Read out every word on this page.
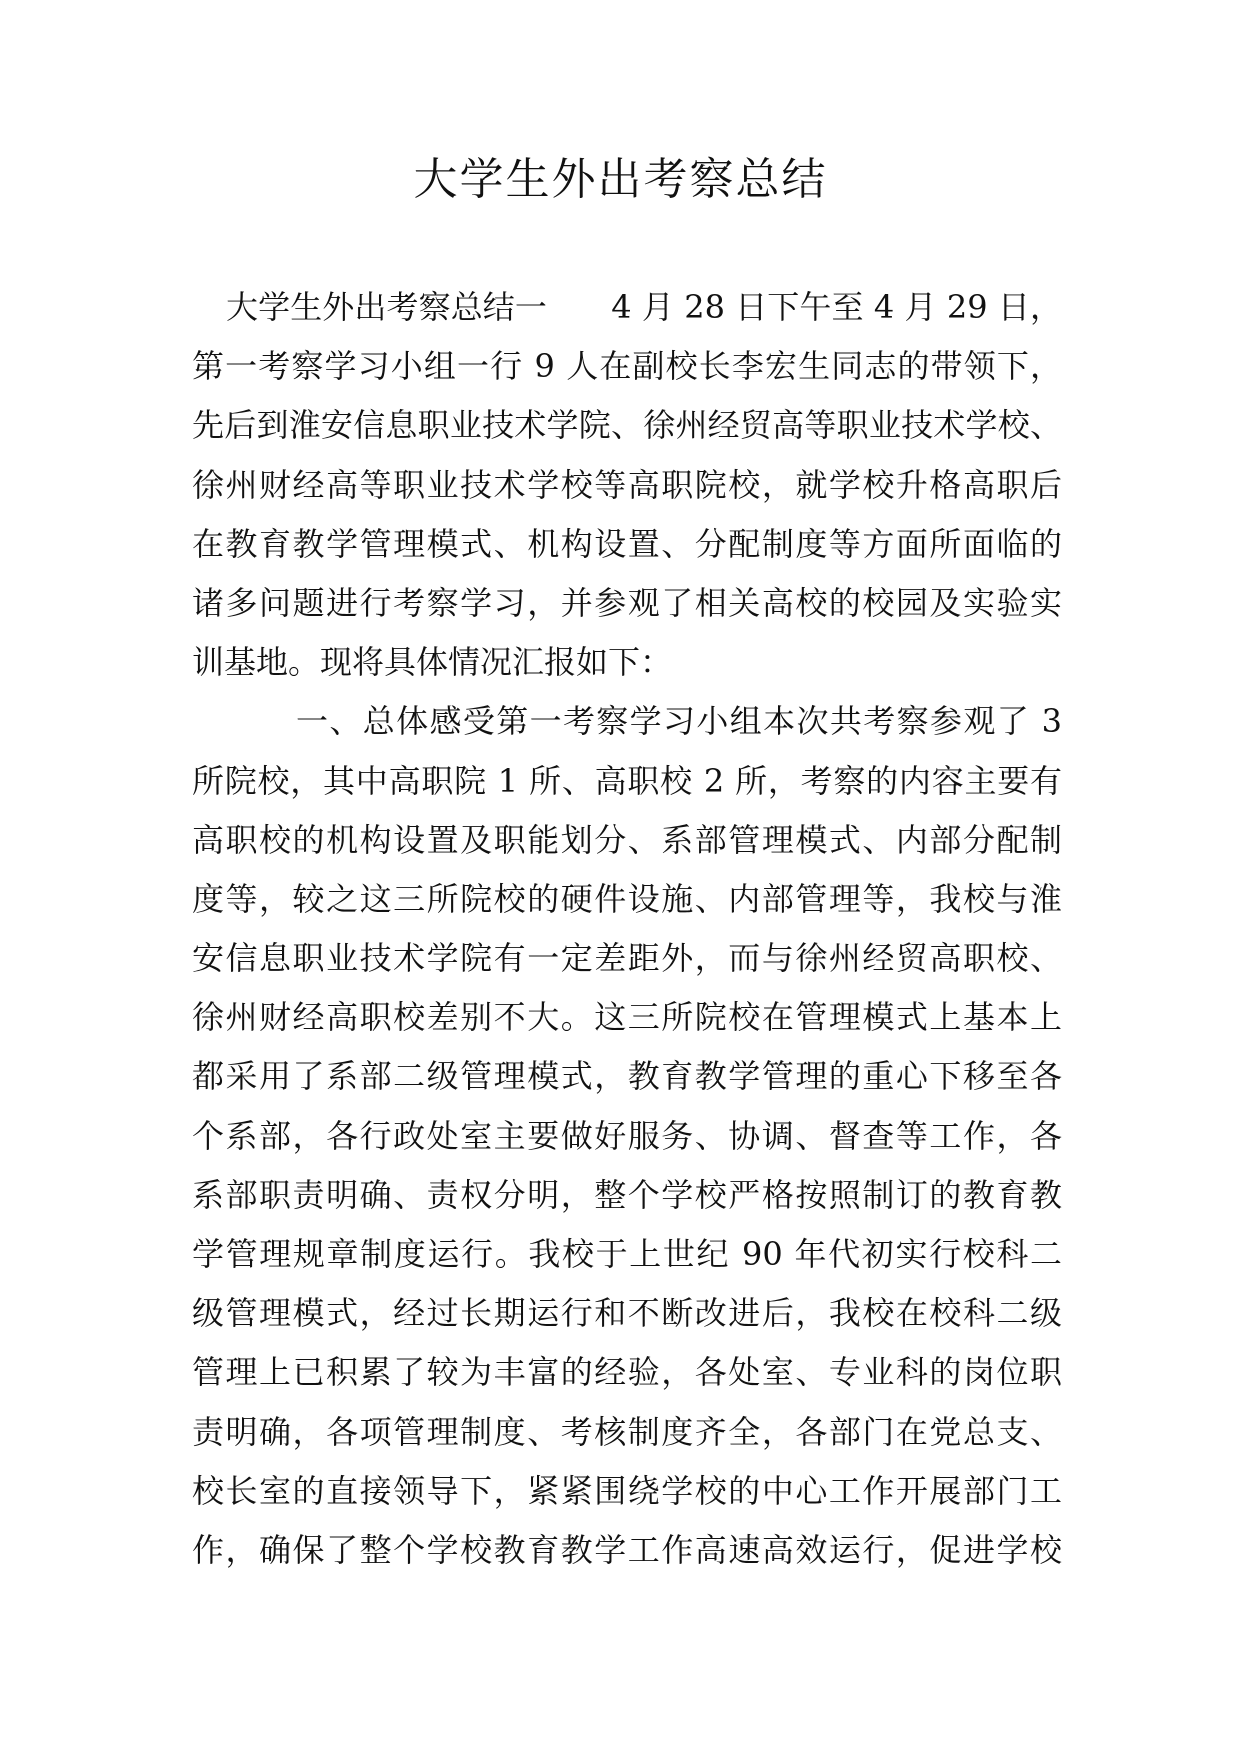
大学生外出考察总结
大学生外出考察总结一　　4 月 28 日下午至 4 月 29 日，
第一考察学习小组一行 9 人在副校长李宏生同志的带领下，
先后到淮安信息职业技术学院、徐州经贸高等职业技术学校、
徐州财经高等职业技术学校等高职院校，就学校升格高职后
在教育教学管理模式、机构设置、分配制度等方面所面临的
诸多问题进行考察学习，并参观了相关高校的校园及实验实
训基地。现将具体情况汇报如下：
一、总体感受第一考察学习小组本次共考察参观了 3
所院校，其中高职院 1 所、高职校 2 所，考察的内容主要有
高职校的机构设置及职能划分、系部管理模式、内部分配制
度等，较之这三所院校的硬件设施、内部管理等，我校与淮
安信息职业技术学院有一定差距外，而与徐州经贸高职校、
徐州财经高职校差别不大。这三所院校在管理模式上基本上
都采用了系部二级管理模式，教育教学管理的重心下移至各
个系部，各行政处室主要做好服务、协调、督查等工作，各
系部职责明确、责权分明，整个学校严格按照制订的教育教
学管理规章制度运行。我校于上世纪 90 年代初实行校科二
级管理模式，经过长期运行和不断改进后，我校在校科二级
管理上已积累了较为丰富的经验，各处室、专业科的岗位职
责明确，各项管理制度、考核制度齐全，各部门在党总支、
校长室的直接领导下，紧紧围绕学校的中心工作开展部门工
作，确保了整个学校教育教学工作高速高效运行，促进学校
